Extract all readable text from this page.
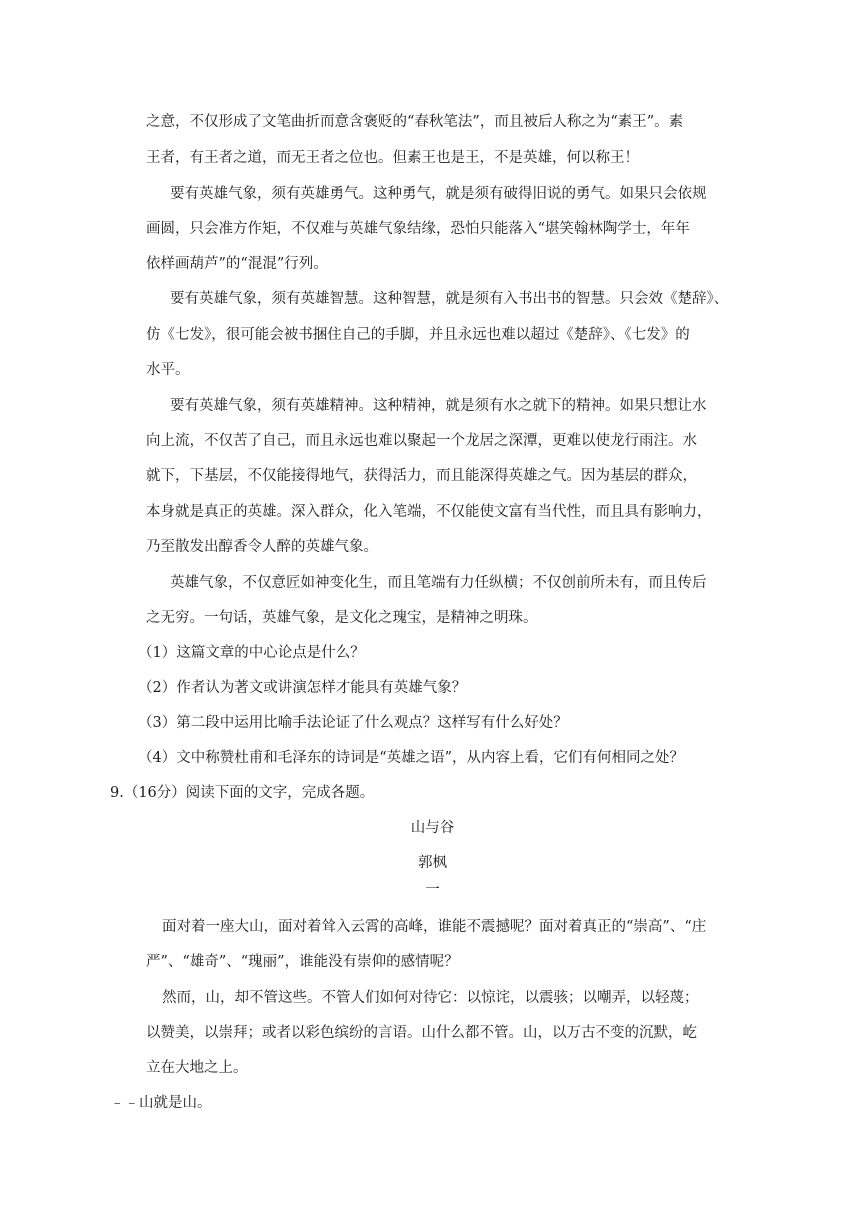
之意，不仅形成了文笔曲折而意含褒贬的“春秋笔法”，而且被后人称之为“素王”。素
王者，有王者之道，而无王者之位也。但素王也是王，不是英雄，何以称王！
要有英雄气象，须有英雄勇气。这种勇气，就是须有破得旧说的勇气。如果只会依规
画圆，只会准方作矩，不仅难与英雄气象结缘，恐怕只能落入“堪笑翰林陶学士，年年
依样画葫芦”的“混混”行列。
要有英雄气象，须有英雄智慧。这种智慧，就是须有入书出书的智慧。只会效《楚辞》、
仿《七发》，很可能会被书捆住自己的手脚，并且永远也难以超过《楚辞》、《七发》的
水平。
要有英雄气象，须有英雄精神。这种精神，就是须有水之就下的精神。如果只想让水
向上流，不仅苦了自己，而且永远也难以聚起一个龙居之深潭，更难以使龙行雨注。水
就下，下基层，不仅能接得地气，获得活力，而且能深得英雄之气。因为基层的群众，
本身就是真正的英雄。深入群众，化入笔端，不仅能使文富有当代性，而且具有影响力，
乃至散发出醇香令人醉的英雄气象。
英雄气象，不仅意匠如神变化生，而且笔端有力任纵横；不仅创前所未有，而且传后
之无穷。一句话，英雄气象，是文化之瑰宝，是精神之明珠。
（1）这篇文章的中心论点是什么？
（2）作者认为著文或讲演怎样才能具有英雄气象？
（3）第二段中运用比喻手法论证了什么观点？这样写有什么好处？
（4）文中称赞杜甫和毛泽东的诗词是“英雄之语”，从内容上看，它们有何相同之处？
9.（16分）阅读下面的文字，完成各题。
山与谷
郭枫
一
面对着一座大山，面对着耸入云霄的高峰，谁能不震撼呢？面对着真正的“崇高”、“庄
严”、“雄奇”、“瑰丽”，谁能没有崇仰的感情呢？
然而，山，却不管这些。不管人们如何对待它：以惊诧，以震骇；以嘲弄，以轻蔑；
以赞美，以崇拜；或者以彩色缤纷的言语。山什么都不管。山，以万古不变的沉默，屹
立在大地之上。
﹣﹣山就是山。
